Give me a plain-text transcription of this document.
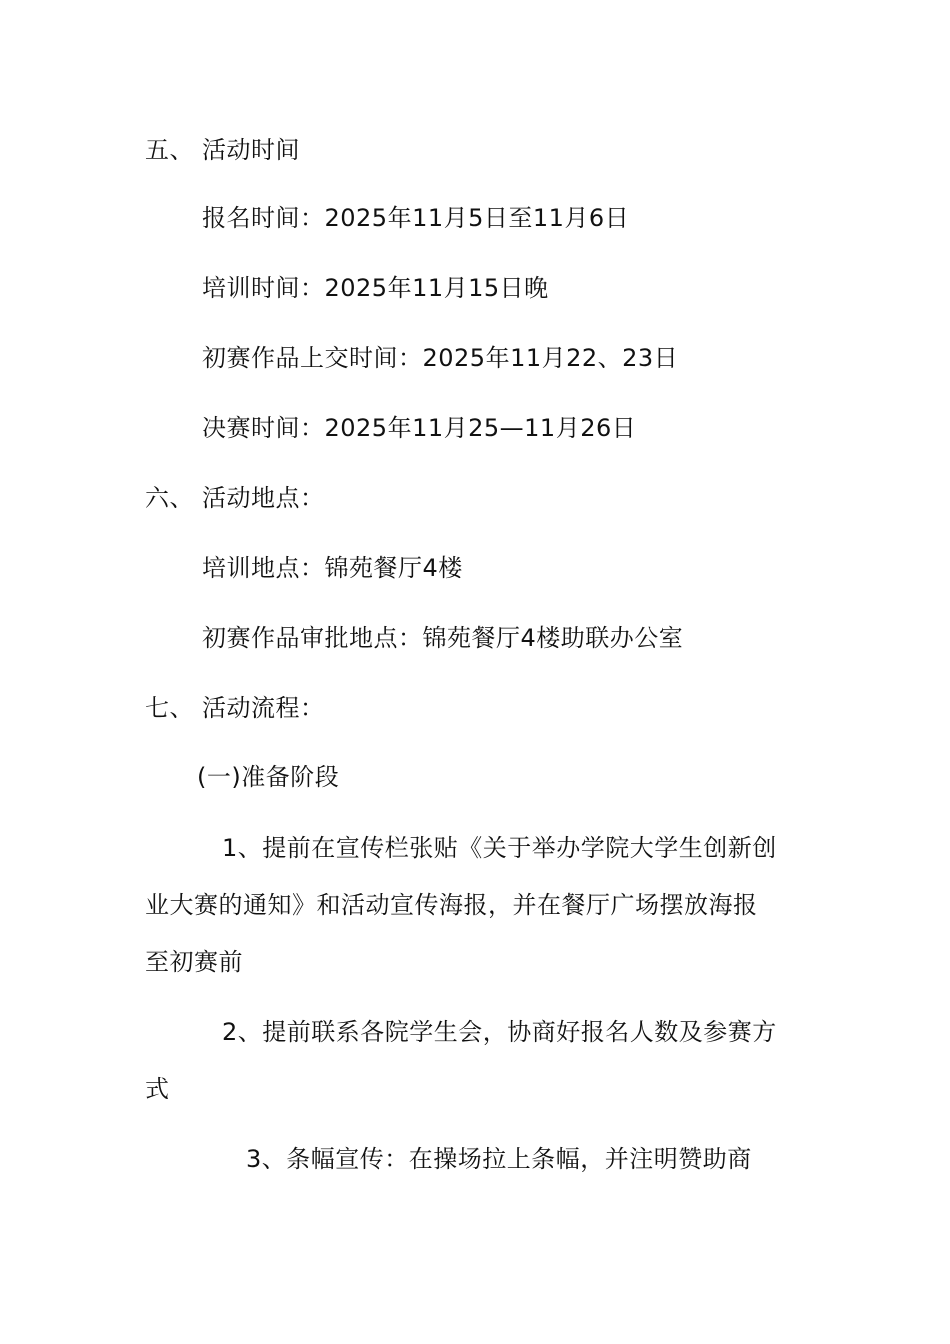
五、 活动时间
报名时间：2025年11月5日至11月6日
培训时间：2025年11月15日晚
初赛作品上交时间：2025年11月22、23日
决赛时间：2025年11月25—11月26日
六、 活动地点：
培训地点：锦苑餐厅4楼
初赛作品审批地点：锦苑餐厅4楼助联办公室
七、 活动流程：
(一)准备阶段
1、提前在宣传栏张贴《关于举办学院大学生创新创
业大赛的通知》和活动宣传海报，并在餐厅广场摆放海报
至初赛前
2、提前联系各院学生会，协商好报名人数及参赛方
式
3、条幅宣传：在操场拉上条幅，并注明赞助商
